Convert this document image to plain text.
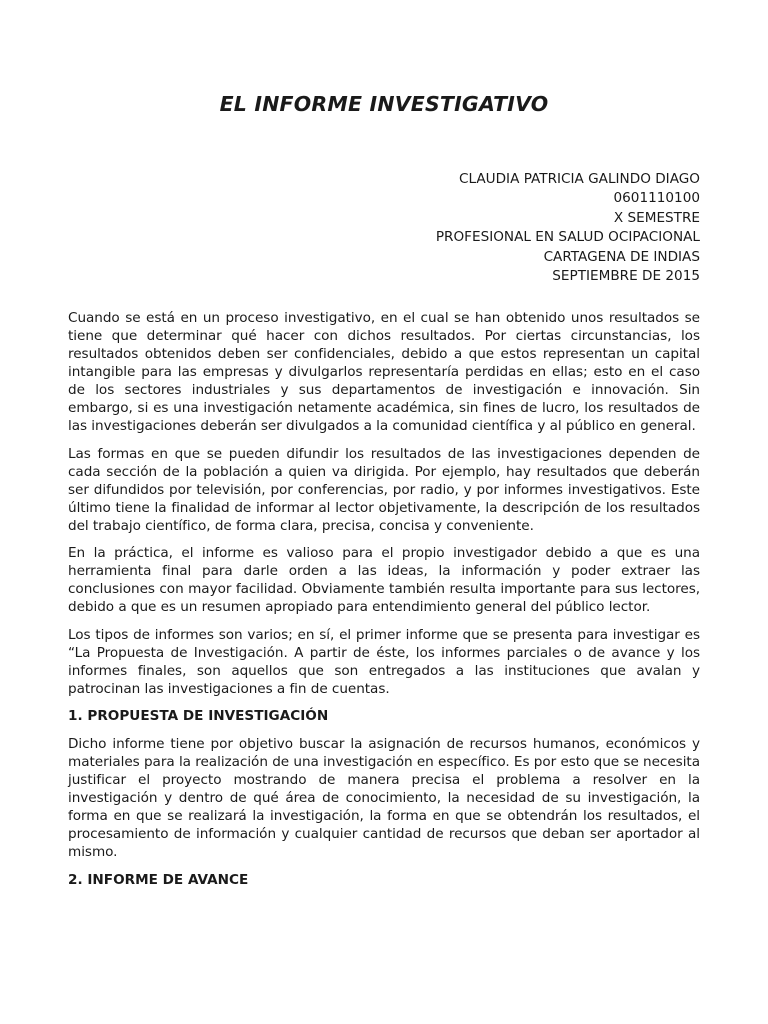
EL INFORME INVESTIGATIVO
CLAUDIA PATRICIA GALINDO DIAGO
0601110100
X SEMESTRE
PROFESIONAL EN SALUD OCIPACIONAL
CARTAGENA DE INDIAS
SEPTIEMBRE DE 2015

Cuando se está en un proceso investigativo, en el cual se han obtenido unos resultados se tiene que determinar qué hacer con dichos resultados. Por ciertas circunstancias, los resultados obtenidos deben ser confidenciales, debido a que estos representan un capital intangible para las empresas y divulgarlos representaría perdidas en ellas; esto en el caso de los sectores industriales y sus departamentos de investigación e innovación. Sin embargo, si es una investigación netamente académica, sin fines de lucro, los resultados de las investigaciones deberán ser divulgados a la comunidad científica y al público en general.

Las formas en que se pueden difundir los resultados de las investigaciones dependen de cada sección de la población a quien va dirigida. Por ejemplo, hay resultados que deberán ser difundidos por televisión, por conferencias, por radio, y por informes investigativos. Este último tiene la finalidad de informar al lector objetivamente, la descripción de los resultados del trabajo científico, de forma clara, precisa, concisa y conveniente.

En la práctica, el informe es valioso para el propio investigador debido a que es una herramienta final para darle orden a las ideas, la información y poder extraer las conclusiones con mayor facilidad. Obviamente también resulta importante para sus lectores, debido a que es un resumen apropiado para entendimiento general del público lector.

Los tipos de informes son varios; en sí, el primer informe que se presenta para investigar es “La Propuesta de Investigación. A partir de éste, los informes parciales o de avance y los informes finales, son aquellos que son entregados a las instituciones que avalan y patrocinan las investigaciones a fin de cuentas.

1. PROPUESTA DE INVESTIGACIÓN

Dicho informe tiene por objetivo buscar la asignación de recursos humanos, económicos y materiales para la realización de una investigación en específico. Es por esto que se necesita justificar el proyecto mostrando de manera precisa el problema a resolver en la investigación y dentro de qué área de conocimiento, la necesidad de su investigación, la forma en que se realizará la investigación, la forma en que se obtendrán los resultados, el procesamiento de información y cualquier cantidad de recursos que deban ser aportador al mismo.

2. INFORME DE AVANCE
